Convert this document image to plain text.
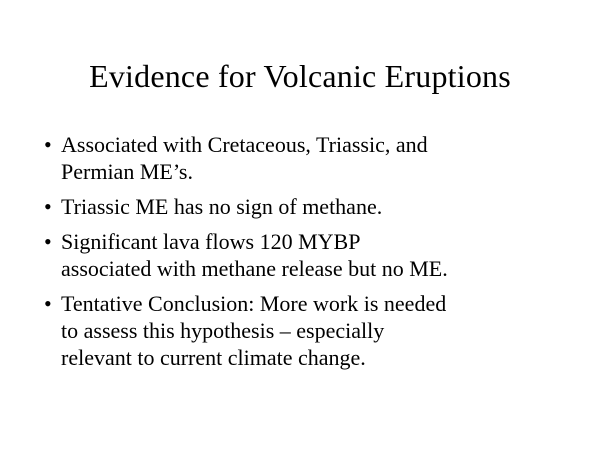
Evidence for Volcanic Eruptions
• Associated with Cretaceous, Triassic, and
Permian ME’s.
• Triassic ME has no sign of methane.
• Significant lava flows 120 MYBP
associated with methane release but no ME.
• Tentative Conclusion: More work is needed
to assess this hypothesis – especially
relevant to current climate change.
